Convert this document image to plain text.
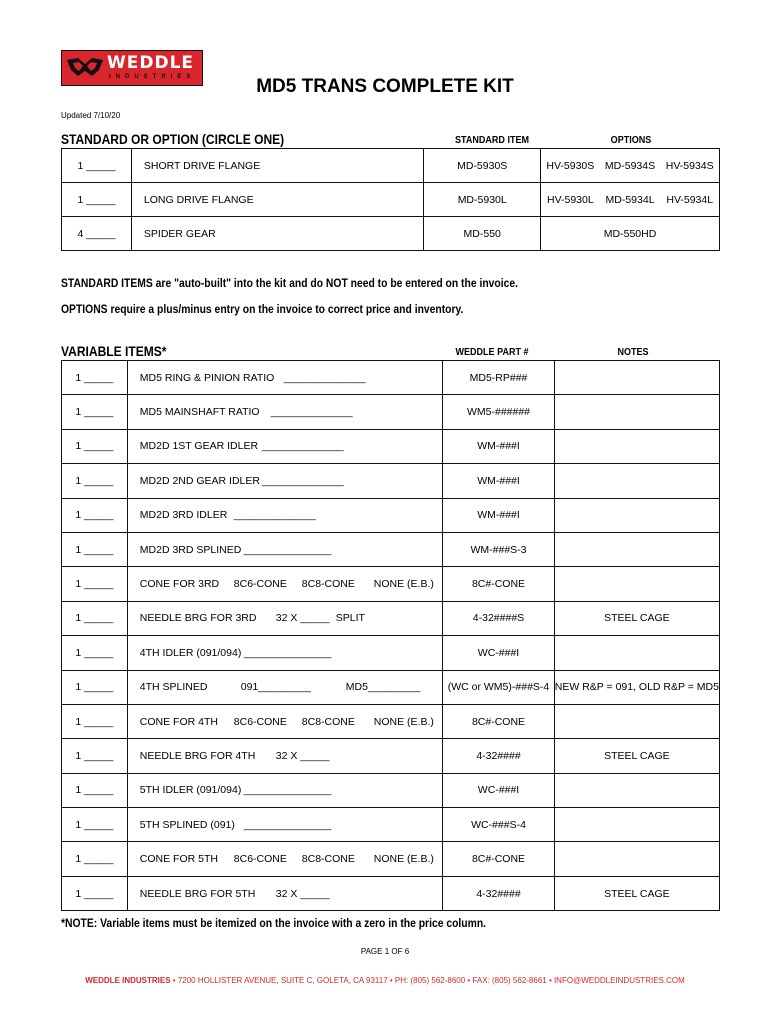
WEDDLE
INDUSTRIES	MD5 TRANS COMPLETE KIT
Updated 7/10/20
STANDARD OR OPTION (CIRCLE ONE)	STANDARD ITEM	OPTIONS
1 _____	SHORT DRIVE FLANGE	MD-5930S	HV-5930S MD-5934S HV-5934S

1 _____	LONG DRIVE FLANGE	MD-5930L	HV-5930L MD-5934L HV-5934L

4 _____	SPIDER GEAR	MD-550	MD-550HD
STANDARD ITEMS are "auto-built" into the kit and do NOT need to be entered on the invoice.
OPTIONS require a plus/minus entry on the invoice to correct price and inventory.
VARIABLE ITEMS*	WEDDLE PART #	NOTES
1 _____	MD5 RING & PINION RATIO ______________	MD5-RP###	
1 _____	MD5 MAINSHAFT RATIO ______________	WM5-######	
1 _____	MD2D 1ST GEAR IDLER ______________	WM-###I	
1 _____	MD2D 2ND GEAR IDLER ______________	WM-###I	
1 _____	MD2D 3RD IDLER ______________	WM-###I	
1 _____	MD2D 3RD SPLINED _______________	WM-###S-3	
1 _____	CONE FOR 3RD 8C6-CONE 8C8-CONE NONE (E.B.)	8C#-CONE	
1 _____	NEEDLE BRG FOR 3RD 32 X _____ SPLIT	4-32####S	STEEL CAGE
1 _____	4TH IDLER (091/094) _______________	WC-###I	
1 _____	4TH SPLINED 091_________ MD5_________	(WC or WM5)-###S-4	NEW R&P = 091, OLD R&P = MD5
1 _____	CONE FOR 4TH 8C6-CONE 8C8-CONE NONE (E.B.)	8C#-CONE	
1 _____	NEEDLE BRG FOR 4TH 32 X _____	4-32####	STEEL CAGE
1 _____	5TH IDLER (091/094) _______________	WC-###I	
1 _____	5TH SPLINED (091) _______________	WC-###S-4	
1 _____	CONE FOR 5TH 8C6-CONE 8C8-CONE NONE (E.B.)	8C#-CONE	
1 _____	NEEDLE BRG FOR 5TH 32 X _____	4-32####	STEEL CAGE
*NOTE: Variable items must be itemized on the invoice with a zero in the price column.
PAGE 1 OF 6
WEDDLE INDUSTRIES • 7200 HOLLISTER AVENUE, SUITE C, GOLETA, CA 93117 • PH: (805) 562-8600 • FAX: (805) 562-8661 • INFO@WEDDLEINDUSTRIES.COM
